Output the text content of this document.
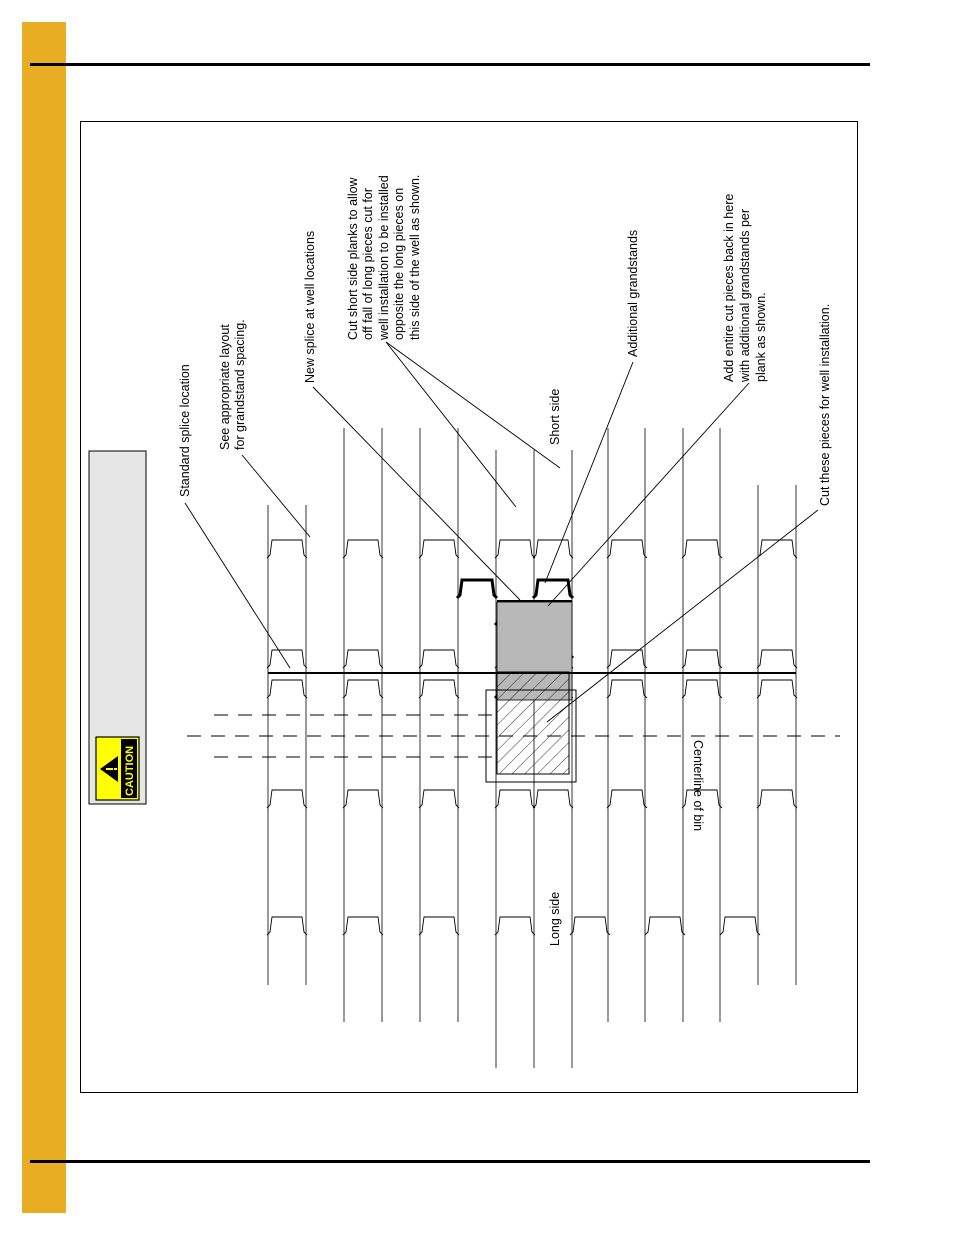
CAUTION
Standard splice location See appropriate layout for grandstand spacing.
New splice at well locations Cut short side planks to allow off fall of long pieces cut for well installation to be installed opposite the long pieces on this side of the well as shown.
Short side
Additional grandstands	Add entire cut pieces back in here with additional grandstands per plank as shown.	Cut these pieces for well installation.
Centerline of bin
Long side
